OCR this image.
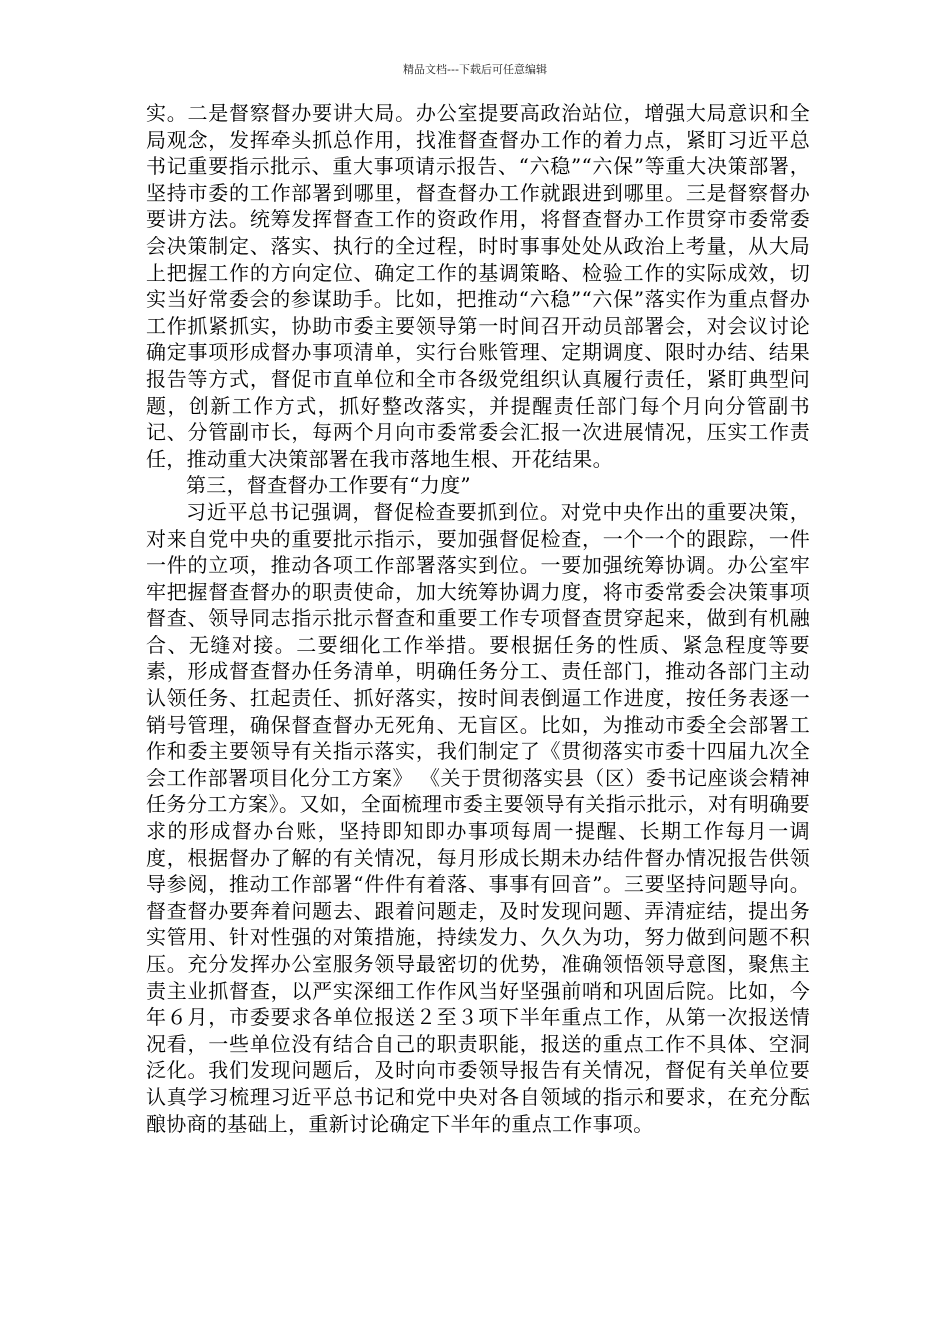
精品文档---下载后可任意编辑

实。二是督察督办要讲大局。办公室提要高政治站位，增强大局意识和全局观念，发挥牵头抓总作用，找准督查督办工作的着力点，紧盯习近平总书记重要指示批示、重大事项请示报告、“六稳”“六保”等重大决策部署，坚持市委的工作部署到哪里，督查督办工作就跟进到哪里。三是督察督办要讲方法。统筹发挥督查工作的资政作用，将督查督办工作贯穿市委常委会决策制定、落实、执行的全过程，时时事事处处从政治上考量，从大局上把握工作的方向定位、确定工作的基调策略、检验工作的实际成效，切实当好常委会的参谋助手。比如，把推动“六稳”“六保”落实作为重点督办工作抓紧抓实，协助市委主要领导第一时间召开动员部署会，对会议讨论确定事项形成督办事项清单，实行台账管理、定期调度、限时办结、结果报告等方式，督促市直单位和全市各级党组织认真履行责任，紧盯典型问题，创新工作方式，抓好整改落实，并提醒责任部门每个月向分管副书记、分管副市长，每两个月向市委常委会汇报一次进展情况，压实工作责任，推动重大决策部署在我市落地生根、开花结果。

第三，督查督办工作要有“力度”

习近平总书记强调，督促检查要抓到位。对党中央作出的重要决策，对来自党中央的重要批示指示，要加强督促检查，一个一个的跟踪，一件一件的立项，推动各项工作部署落实到位。一要加强统筹协调。办公室牢牢把握督查督办的职责使命，加大统筹协调力度，将市委常委会决策事项督查、领导同志指示批示督查和重要工作专项督查贯穿起来，做到有机融合、无缝对接。二要细化工作举措。要根据任务的性质、紧急程度等要素，形成督查督办任务清单，明确任务分工、责任部门，推动各部门主动认领任务、扛起责任、抓好落实，按时间表倒逼工作进度，按任务表逐一销号管理，确保督查督办无死角、无盲区。比如，为推动市委全会部署工作和委主要领导有关指示落实，我们制定了《贯彻落实市委十四届九次全会工作部署项目化分工方案》 《关于贯彻落实县（区）委书记座谈会精神任务分工方案》。又如，全面梳理市委主要领导有关指示批示，对有明确要求的形成督办台账，坚持即知即办事项每周一提醒、长期工作每月一调度，根据督办了解的有关情况，每月形成长期未办结件督办情况报告供领导参阅，推动工作部署“件件有着落、事事有回音”。三要坚持问题导向。督查督办要奔着问题去、跟着问题走，及时发现问题、弄清症结，提出务实管用、针对性强的对策措施，持续发力、久久为功，努力做到问题不积压。充分发挥办公室服务领导最密切的优势，准确领悟领导意图，聚焦主责主业抓督查，以严实深细工作作风当好坚强前哨和巩固后院。比如，今年６月，市委要求各单位报送２至３项下半年重点工作，从第一次报送情况看，一些单位没有结合自己的职责职能，报送的重点工作不具体、空洞泛化。我们发现问题后，及时向市委领导报告有关情况，督促有关单位要认真学习梳理习近平总书记和党中央对各自领域的指示和要求，在充分酝酿协商的基础上，重新讨论确定下半年的重点工作事项。
